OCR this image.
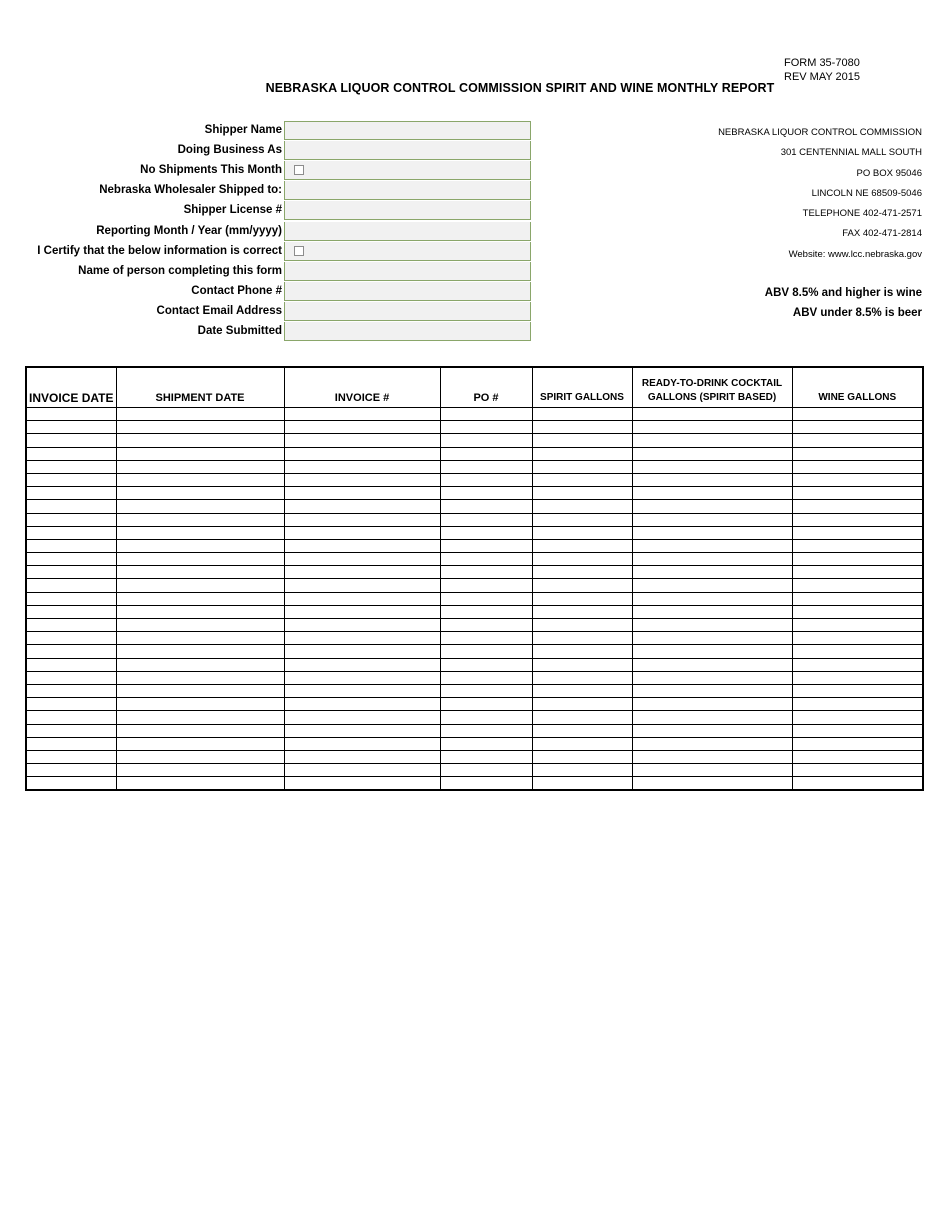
FORM 35-7080
REV MAY 2015
NEBRASKA LIQUOR CONTROL COMMISSION SPIRIT AND WINE MONTHLY REPORT
Shipper Name
Doing Business As
No Shipments This Month
Nebraska Wholesaler Shipped to:
Shipper License #
Reporting Month / Year (mm/yyyy)
I Certify that the below information is correct
Name of person completing this form
Contact Phone #
Contact Email Address
Date Submitted
NEBRASKA LIQUOR CONTROL COMMISSION
301 CENTENNIAL MALL SOUTH
PO BOX 95046
LINCOLN NE 68509-5046
TELEPHONE 402-471-2571
FAX 402-471-2814
Website: www.lcc.nebraska.gov
ABV 8.5% and higher is wine
ABV under 8.5% is beer
INVOICE DATE	SHIPMENT DATE	INVOICE #	PO #	SPIRIT GALLONS	READY-TO-DRINK COCKTAIL GALLONS (SPIRIT BASED)	WINE GALLONS
